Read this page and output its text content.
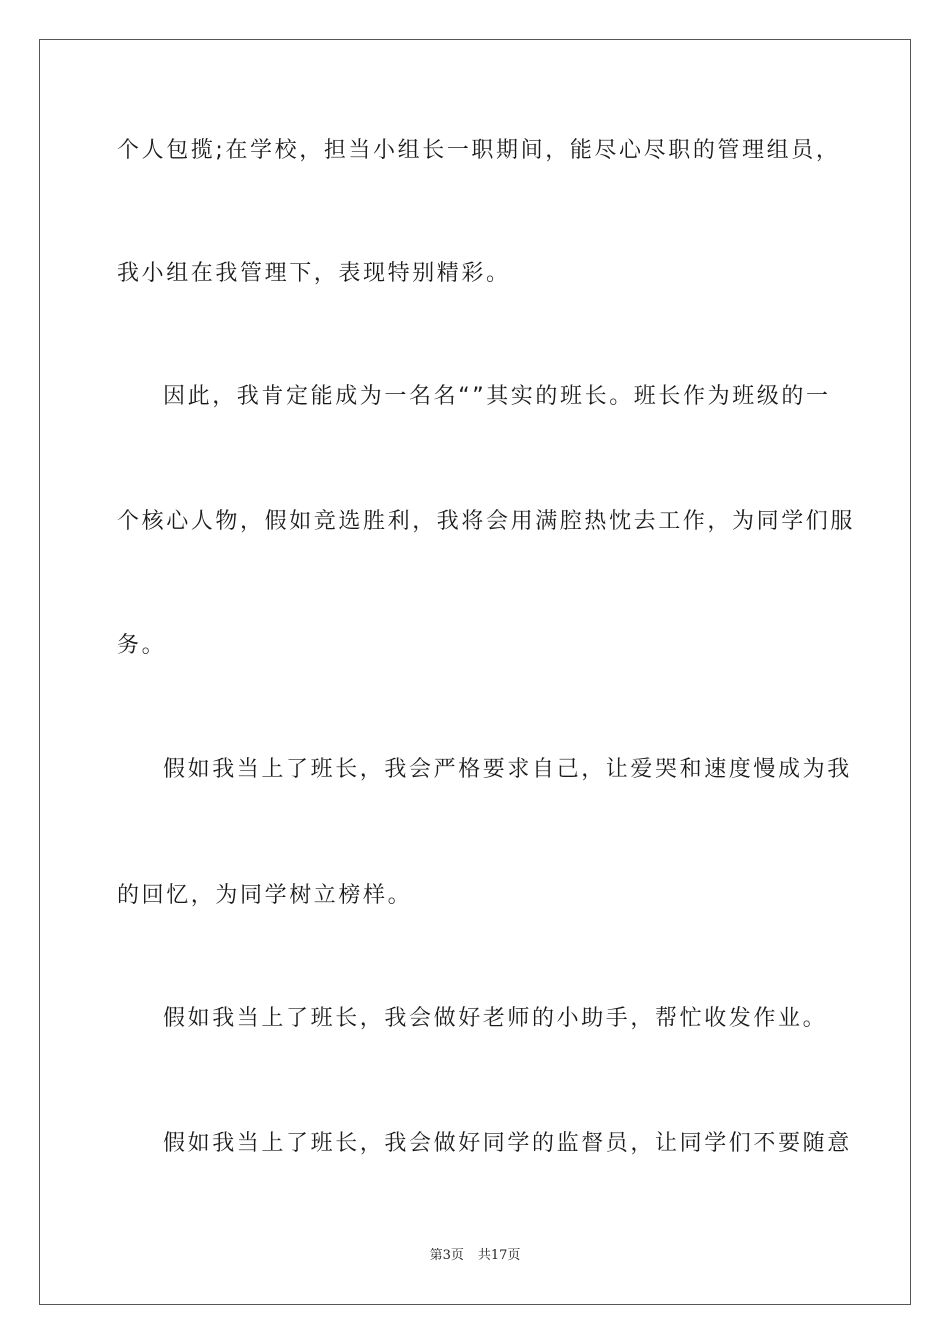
个人包揽;在学校，担当小组长一职期间，能尽心尽职的管理组员，
我小组在我管理下，表现特别精彩。
因此，我肯定能成为一名名“”其实的班长。班长作为班级的一
个核心人物，假如竞选胜利，我将会用满腔热忱去工作，为同学们服
务。
假如我当上了班长，我会严格要求自己，让爱哭和速度慢成为我
的回忆，为同学树立榜样。
假如我当上了班长，我会做好老师的小助手，帮忙收发作业。
假如我当上了班长，我会做好同学的监督员，让同学们不要随意
第3页 共17页
